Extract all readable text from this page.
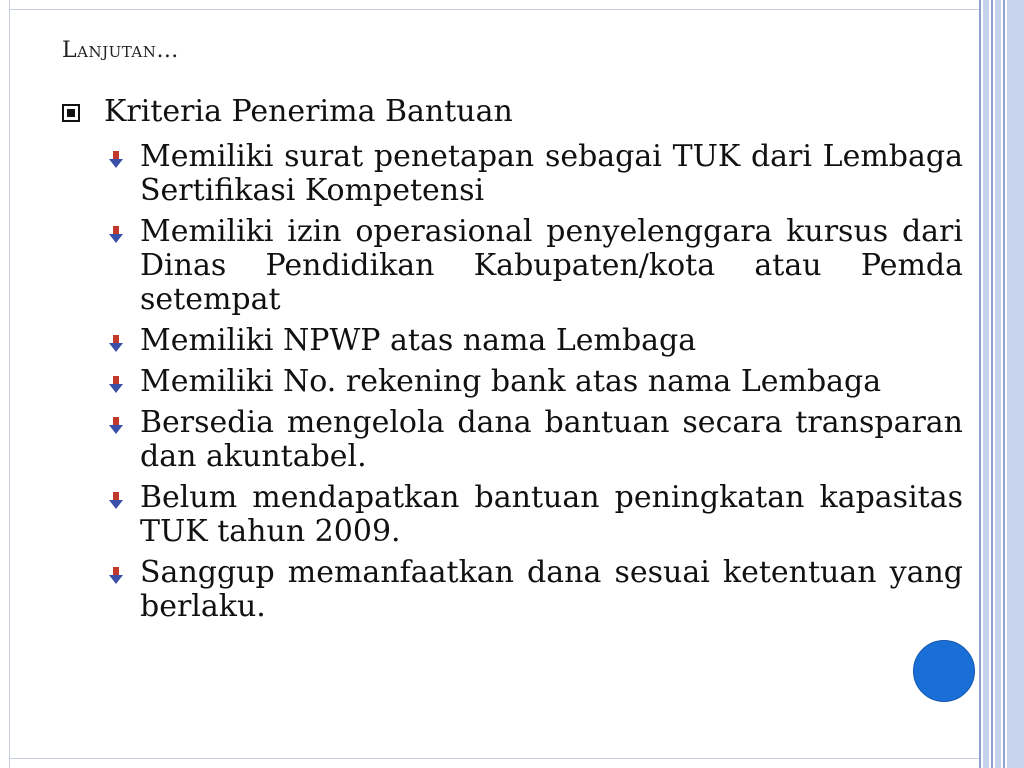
Lanjutan…
Kriteria Penerima Bantuan
Memiliki surat penetapan sebagai TUK dari Lembaga Sertifikasi Kompetensi
Memiliki izin operasional penyelenggara kursus dari Dinas Pendidikan Kabupaten/kota atau Pemda setempat
Memiliki NPWP atas nama Lembaga
Memiliki No. rekening bank atas nama Lembaga
Bersedia mengelola dana bantuan secara transparan dan akuntabel.
Belum mendapatkan bantuan peningkatan kapasitas TUK tahun 2009.
Sanggup memanfaatkan dana sesuai ketentuan yang berlaku.
